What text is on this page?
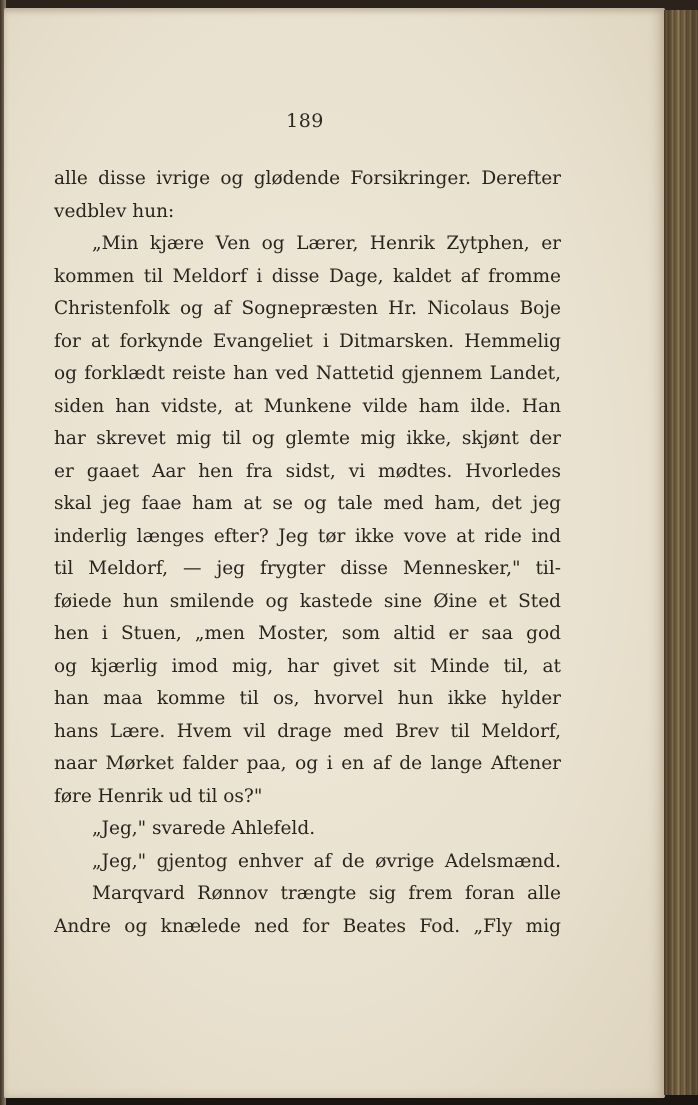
189
alle disse ivrige og glødende Forsikringer. Derefter
vedblev hun:
„Min kjære Ven og Lærer, Henrik Zytphen, er
kommen til Meldorf i disse Dage, kaldet af fromme
Christenfolk og af Sognepræsten Hr. Nicolaus Boje
for at forkynde Evangeliet i Ditmarsken. Hemmelig
og forklædt reiste han ved Nattetid gjennem Landet,
siden han vidste, at Munkene vilde ham ilde. Han
har skrevet mig til og glemte mig ikke, skjønt der
er gaaet Aar hen fra sidst, vi mødtes. Hvorledes
skal jeg faae ham at se og tale med ham, det jeg
inderlig længes efter? Jeg tør ikke vove at ride ind
til Meldorf, — jeg frygter disse Mennesker," til-
føiede hun smilende og kastede sine Øine et Sted
hen i Stuen, „men Moster, som altid er saa god
og kjærlig imod mig, har givet sit Minde til, at
han maa komme til os, hvorvel hun ikke hylder
hans Lære. Hvem vil drage med Brev til Meldorf,
naar Mørket falder paa, og i en af de lange Aftener
føre Henrik ud til os?"
„Jeg," svarede Ahlefeld.
„Jeg," gjentog enhver af de øvrige Adelsmænd.
Marqvard Rønnov trængte sig frem foran alle
Andre og knælede ned for Beates Fod. „Fly mig
